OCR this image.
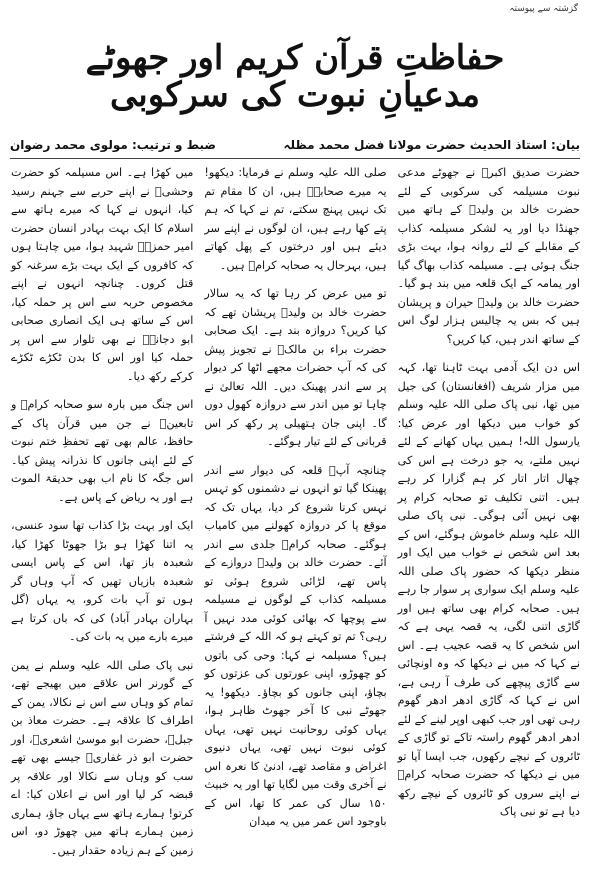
گزشتہ سے پیوستہ
حفاظتِ قرآن کریم اور جھوٹے مدعیانِ نبوت کی سرکوبی
بیان: استاذ الحدیث حضرت مولانا فضل محمد مظلہ
ضبط و ترتیب: مولوی محمد رضوان

میں کھڑا ہے۔ اس مسیلمہ کو حضرت وحشیؓ نے اپنے حربے سے جہنم رسید کیا، انہوں نے کہا کہ میرے ہاتھ سے اسلام کا ایک بہت بہادر انسان حضرت امیر حمزہؓ شہید ہوا، میں چاہتا ہوں کہ کافروں کے ایک بہت بڑے سرغنہ کو قتل کروں۔ چنانچہ انہوں نے اپنے مخصوص حربہ سے اس پر حملہ کیا، اس کے ساتھ ہی ایک انصاری صحابی ابو دجانہؓ نے بھی تلوار سے اس پر حملہ کیا اور اس کا بدن ٹکڑے ٹکڑے کرکے رکھ دیا۔

اس جنگ میں بارہ سو صحابہ کرامؓ و تابعینؒ نے جن میں قرآن پاک کے حافظ، عالم بھی تھے تحفظِ ختم نبوت کے لئے اپنی جانوں کا نذرانہ پیش کیا۔ اس جگہ کا نام اب بھی حدیقۃ الموت ہے اور یہ ریاض کے پاس ہے۔

ایک اور بہت بڑا کذاب تھا سود عنسی، یہ اتنا کھڑا ہو بڑا جھوٹا کھڑا کیا، شعبدہ باز تھا، اس کے پاس ایسی شعبدہ بازیاں تھیں کہ آپ وہاں گر ہوں تو آپ بات کرو، یہ یہاں (گل بہاران بہادر آباد) کی کہ باں کرتا ہے میرے بارے میں یہ بات کی۔

نبی پاک صلی اللہ علیہ وسلم نے یمن کے گورنر اس علاقے میں بھیجے تھے، تمام کو وہاں سے اس نے نکالا، یمن کے اطراف کا علاقہ ہے۔ حضرت معاذ بن جبلؓ، حضرت ابو موسیٰ اشعریؓ، اور حضرت ابو ذر غفاریؓ جیسے بھی تھے سب کو وہاں سے نکالا اور علاقہ پر قبضہ کر لیا اور اس نے اعلان کیا: اے کرتو! ہمارے ہاتھ سے یہاں جاؤ، ہماری زمین ہمارے ہاتھ میں چھوڑ دو، اس زمین کے ہم زیادہ حقدار ہیں۔

صلی اللہ علیہ وسلم نے فرمایا: دیکھو! یہ میرے صحابہؓ ہیں، ان کا مقام تم تک نہیں پہنچ سکتے، تم نے کہا کہ ہم پتے کھا رہے ہیں، ان لوگوں نے اپنے سر دیئے ہیں اور درختوں کے پھل کھاتے ہیں، بہرحال یہ صحابہ کرامؓ ہیں۔

تو میں عرض کر رہا تھا کہ یہ سالار حضرت خالد بن ولیدؓ پریشان تھے کہ کیا کریں؟ دروازہ بند ہے۔ ایک صحابی حضرت براء بن مالکؓ نے تجویز پیش کی کہ آپ حضرات مجھے اٹھا کر دیوار پر سے اندر پھینک دیں۔ اللہ تعالیٰ نے چاہا تو میں اندر سے دروازہ کھول دوں گا۔ اپنی جان ہتھیلی پر رکھ کر اس قربانی کے لئے تیار ہوگئے۔

چنانچہ آپؓ قلعہ کی دیوار سے اندر پھینکا گیا تو انہوں نے دشمنوں کو تہس نہس کرنا شروع کر دیا، یہاں تک کہ موقع پا کر دروازہ کھولنے میں کامیاب ہوگئے۔ صحابہ کرامؓ جلدی سے اندر آئے۔ حضرت خالد بن ولیدؓ دروازے کے پاس تھے، لڑائی شروع ہوئی تو مسیلمہ کذاب کے لوگوں نے مسیلمہ سے پوچھا کہ بھائی کوئی مدد نہیں آ رہی؟ تم تو کہتے ہو کہ اللہ کے فرشتے ہیں؟ مسیلمہ نے کہا: وحی کی باتوں کو چھوڑو، اپنی عورتوں کی عزتوں کو بچاؤ، اپنی جانوں کو بچاؤ۔ دیکھو! یہ جھوٹے نبی کا آخر جھوٹ ظاہر ہوا، یہاں کوئی روحانیت نہیں تھی، یہاں کوئی نبوت نہیں تھی، یہاں دنیوی اغراض و مقاصد تھے، ادنیٰ کا نعرہ اس نے آخری وقت میں لگایا تھا اور یہ خبیث ۱۵۰ سال کی عمر کا تھا، اس کے باوجود اس عمر میں یہ میدان

حضرت صدیق اکبرؓ نے جھوٹے مدعی نبوت مسیلمہ کی سرکوبی کے لئے حضرت خالد بن ولیدؓ کے ہاتھ میں جھنڈا دیا اور یہ لشکر مسیلمہ کذاب کے مقابلے کے لئے روانہ ہوا، بہت بڑی جنگ ہوئی ہے۔ مسیلمہ کذاب بھاگ گیا اور یمامہ کے ایک قلعہ میں بند ہو گیا۔ حضرت خالد بن ولیدؓ حیران و پریشان ہیں کہ بس یہ چالیس ہزار لوگ اس کے ساتھ اندر ہیں، کیا کریں؟

اس دن ایک آدمی بہت ٹاہنا تھا، کہہ میں مزار شریف (افغانستان) کی جیل میں تھا، نبی پاک صلی اللہ علیہ وسلم کو خواب میں دیکھا اور عرض کیا: یارسول اللہ! ہمیں یہاں کھانے کے لئے نہیں ملتے، یہ جو درخت ہے اس کی چھال اتار اتار کر ہم گزارا کر رہے ہیں۔ اتنی تکلیف تو صحابہ کرام پر بھی نہیں آئی ہوگی۔ نبی پاک صلی اللہ علیہ وسلم خاموش ہوگئے، اس کے بعد اس شخص نے خواب میں ایک اور منظر دیکھا کہ حضور پاک صلی اللہ علیہ وسلم ایک سواری پر سوار جا رہے ہیں۔ صحابہ کرام بھی ساتھ ہیں اور گاڑی اتنی لگی، یہ قصہ یہی ہے کہ اس شخص کا یہ قصہ عجیب ہے۔ اس نے کہا کہ میں نے دیکھا کہ وہ اونچائی سے گاڑی پیچھے کی طرف آ رہی ہے، اس نے کہا کہ گاڑی ادھر ادھر گھوم رہی تھی اور جب کبھی اوپر لینے کے لئے ادھر ادھر گھوم راستہ تاکے تو گاڑی کے ٹائروں کے نیچے رکھوں، جب ایسا آیا تو میں نے دیکھا کہ حضرت صحابہ کرامؓ نے اپنے سروں کو ٹائروں کے نیچے رکھ دیا ہے تو نبی پاک
